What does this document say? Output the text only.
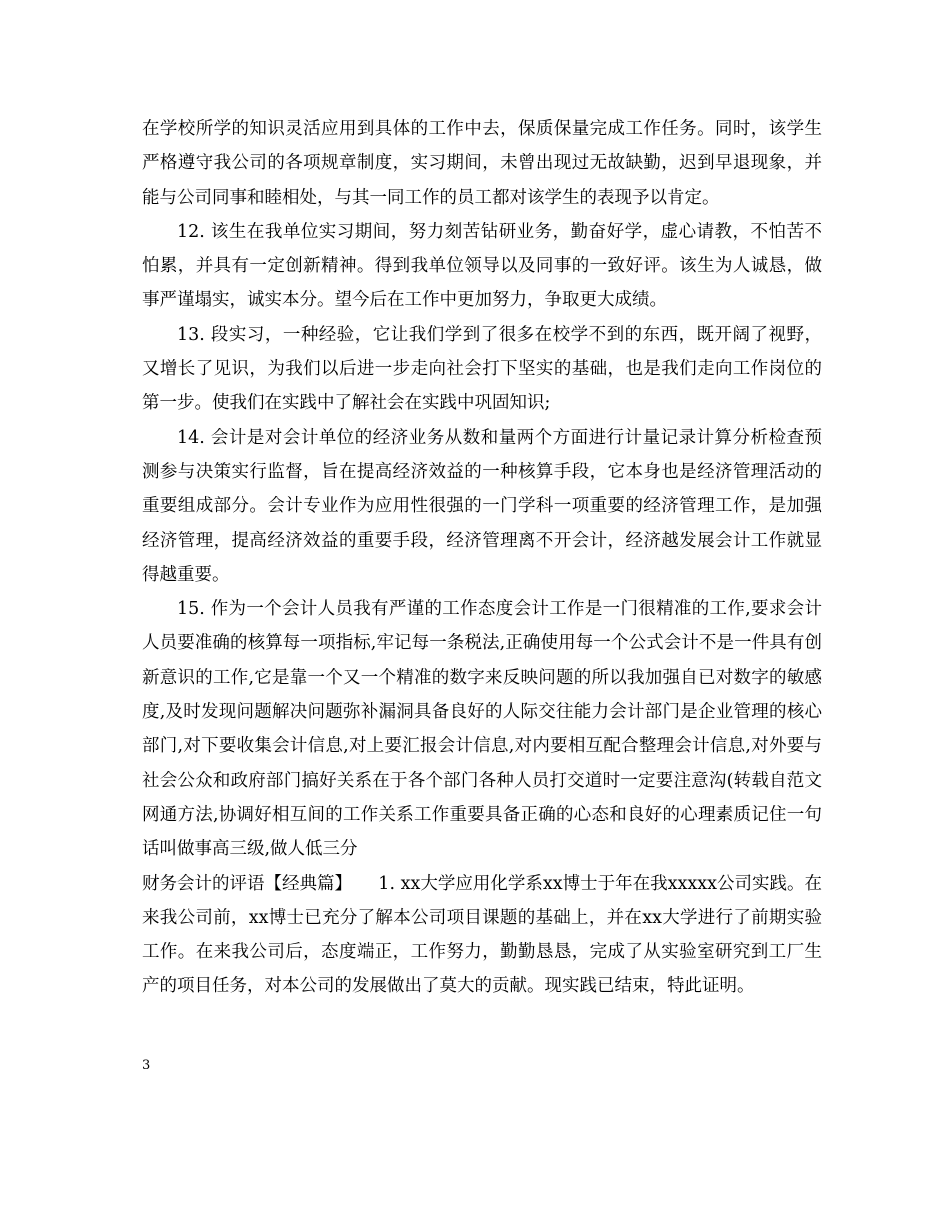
在学校所学的知识灵活应用到具体的工作中去，保质保量完成工作任务。同时，该学生严格遵守我公司的各项规章制度，实习期间，未曾出现过无故缺勤，迟到早退现象，并能与公司同事和睦相处，与其一同工作的员工都对该学生的表现予以肯定。

12. 该生在我单位实习期间，努力刻苦钻研业务，勤奋好学，虚心请教，不怕苦不怕累，并具有一定创新精神。得到我单位领导以及同事的一致好评。该生为人诚恳，做事严谨塌实，诚实本分。望今后在工作中更加努力，争取更大成绩。

13. 段实习，一种经验，它让我们学到了很多在校学不到的东西，既开阔了视野，又增长了见识，为我们以后进一步走向社会打下坚实的基础，也是我们走向工作岗位的第一步。使我们在实践中了解社会在实践中巩固知识;

14. 会计是对会计单位的经济业务从数和量两个方面进行计量记录计算分析检查预测参与决策实行监督，旨在提高经济效益的一种核算手段，它本身也是经济管理活动的重要组成部分。会计专业作为应用性很强的一门学科一项重要的经济管理工作，是加强经济管理，提高经济效益的重要手段，经济管理离不开会计，经济越发展会计工作就显得越重要。

15. 作为一个会计人员我有严谨的工作态度会计工作是一门很精准的工作,要求会计人员要准确的核算每一项指标,牢记每一条税法,正确使用每一个公式会计不是一件具有创新意识的工作,它是靠一个又一个精准的数字来反映问题的所以我加强自已对数字的敏感度,及时发现问题解决问题弥补漏洞具备良好的人际交往能力会计部门是企业管理的核心部门,对下要收集会计信息,对上要汇报会计信息,对内要相互配合整理会计信息,对外要与社会公众和政府部门搞好关系在于各个部门各种人员打交道时一定要注意沟(转载自范文网通方法,协调好相互间的工作关系工作重要具备正确的心态和良好的心理素质记住一句话叫做事高三级,做人低三分

财务会计的评语【经典篇】　　1. xx大学应用化学系xx博士于年在我xxxxx公司实践。在来我公司前，xx博士已充分了解本公司项目课题的基础上，并在xx大学进行了前期实验工作。在来我公司后，态度端正，工作努力，勤勤恳恳，完成了从实验室研究到工厂生产的项目任务，对本公司的发展做出了莫大的贡献。现实践已结束，特此证明。

3
